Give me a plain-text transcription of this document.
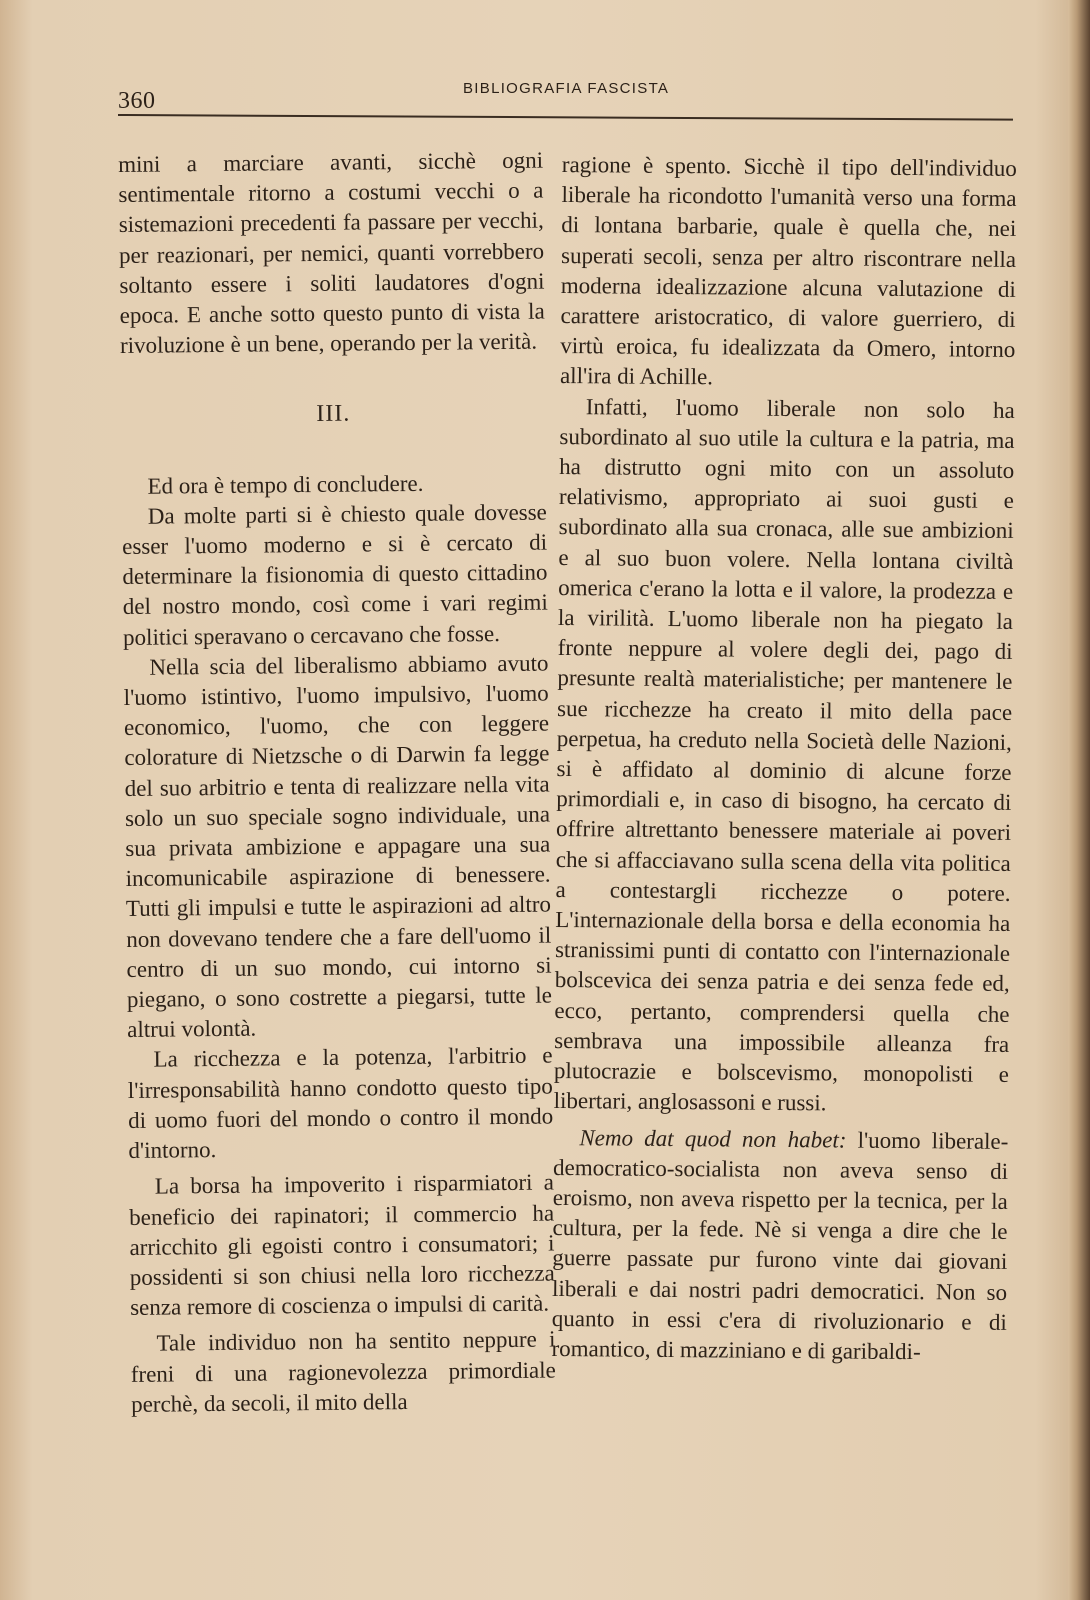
360	BIBLIOGRAFIA FASCISTA

mini a marciare avanti, sicchè ogni sentimentale ritorno a costumi vecchi o a sistemazioni precedenti fa passare per vecchi, per reazionari, per nemici, quanti vorrebbero soltanto essere i soliti laudatores d'ogni epoca. E anche sotto questo punto di vista la rivoluzione è un bene, operando per la verità.

III.

Ed ora è tempo di concludere.

Da molte parti si è chiesto quale dovesse esser l'uomo moderno e si è cercato di determinare la fisionomia di questo cittadino del nostro mondo, così come i vari regimi politici speravano o cercavano che fosse.

Nella scia del liberalismo abbiamo avuto l'uomo istintivo, l'uomo impulsivo, l'uomo economico, l'uomo, che con leggere colorature di Nietzsche o di Darwin fa legge del suo arbitrio e tenta di realizzare nella vita solo un suo speciale sogno individuale, una sua privata ambizione e appagare una sua incomunicabile aspirazione di benessere. Tutti gli impulsi e tutte le aspirazioni ad altro non dovevano tendere che a fare dell'uomo il centro di un suo mondo, cui intorno si piegano, o sono costrette a piegarsi, tutte le altrui volontà.

La ricchezza e la potenza, l'arbitrio e l'irresponsabilità hanno condotto questo tipo di uomo fuori del mondo o contro il mondo d'intorno.

La borsa ha impoverito i risparmiatori a beneficio dei rapinatori; il commercio ha arricchito gli egoisti contro i consumatori; i possidenti si son chiusi nella loro ricchezza senza remore di coscienza o impulsi di carità.

Tale individuo non ha sentito neppure i freni di una ragionevolezza primordiale perchè, da secoli, il mito della

ragione è spento. Sicchè il tipo dell'individuo liberale ha ricondotto l'umanità verso una forma di lontana barbarie, quale è quella che, nei superati secoli, senza per altro riscontrare nella moderna idealizzazione alcuna valutazione di carattere aristocratico, di valore guerriero, di virtù eroica, fu idealizzata da Omero, intorno all'ira di Achille.

Infatti, l'uomo liberale non solo ha subordinato al suo utile la cultura e la patria, ma ha distrutto ogni mito con un assoluto relativismo, appropriato ai suoi gusti e subordinato alla sua cronaca, alle sue ambizioni e al suo buon volere. Nella lontana civiltà omerica c'erano la lotta e il valore, la prodezza e la virilità. L'uomo liberale non ha piegato la fronte neppure al volere degli dei, pago di presunte realtà materialistiche; per mantenere le sue ricchezze ha creato il mito della pace perpetua, ha creduto nella Società delle Nazioni, si è affidato al dominio di alcune forze primordiali e, in caso di bisogno, ha cercato di offrire altrettanto benessere materiale ai poveri che si affacciavano sulla scena della vita politica a contestargli ricchezze o potere. L'internazionale della borsa e della economia ha stranissimi punti di contatto con l'internazionale bolscevica dei senza patria e dei senza fede ed, ecco, pertanto, comprendersi quella che sembrava una impossibile alleanza fra plutocrazie e bolscevismo, monopolisti e libertari, anglosassoni e russi.

Nemo dat quod non habet: l'uomo liberale-democratico-socialista non aveva senso di eroismo, non aveva rispetto per la tecnica, per la cultura, per la fede. Nè si venga a dire che le guerre passate pur furono vinte dai giovani liberali e dai nostri padri democratici. Non so quanto in essi c'era di rivoluzionario e di romantico, di mazziniano e di garibaldi-
